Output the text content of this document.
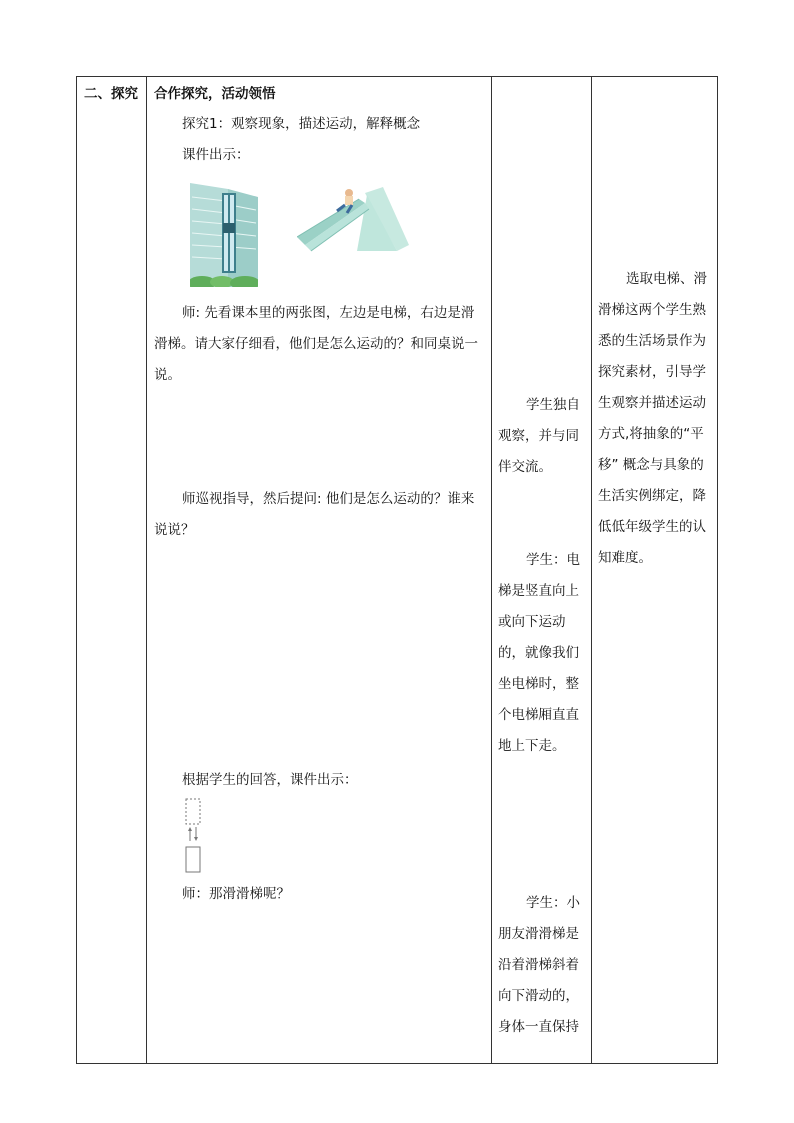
二、探究 合作探究，活动领悟
探究1：观察现象，描述运动，解释概念
课件出示：
师: 先看课本里的两张图，左边是电梯，右边是滑滑梯。请大家仔细看，他们是怎么运动的？和同桌说一说。
师巡视指导，然后提问: 他们是怎么运动的？谁来说说？
根据学生的回答，课件出示：
师：那滑滑梯呢？
学生独自观察，并与同伴交流。
学生：电梯是竖直向上或向下运动的，就像我们坐电梯时，整个电梯厢直直地上下走。
学生：小朋友滑滑梯是沿着滑梯斜着向下滑动的，身体一直保持
选取电梯、滑滑梯这两个学生熟悉的生活场景作为探究素材，引导学生观察并描述运动方式,将抽象的“平移” 概念与具象的生活实例绑定，降低低年级学生的认知难度。
